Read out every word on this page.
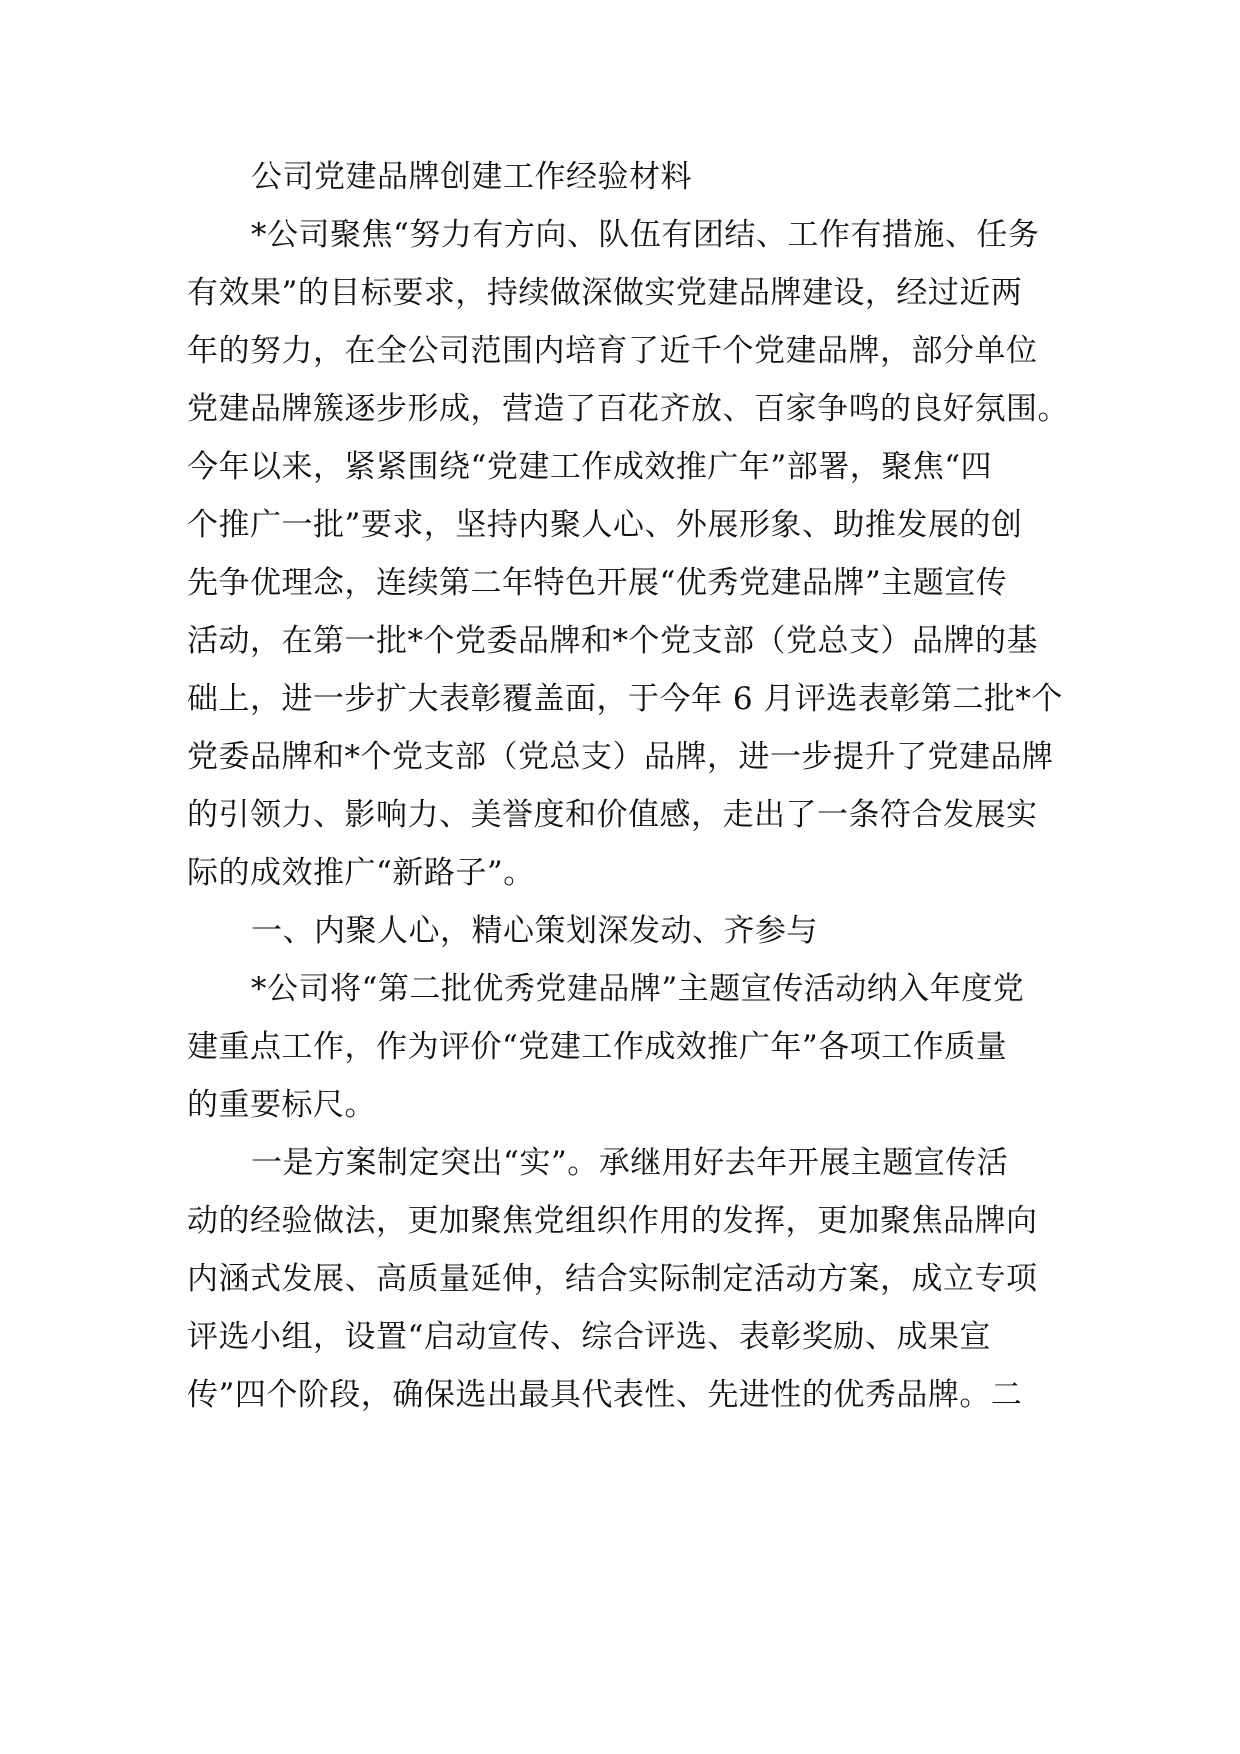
公司党建品牌创建工作经验材料
*公司聚焦“努力有方向、队伍有团结、工作有措施、任务
有效果”的目标要求，持续做深做实党建品牌建设，经过近两
年的努力，在全公司范围内培育了近千个党建品牌，部分单位
党建品牌簇逐步形成，营造了百花齐放、百家争鸣的良好氛围。
今年以来，紧紧围绕“党建工作成效推广年”部署，聚焦“四
个推广一批”要求，坚持内聚人心、外展形象、助推发展的创
先争优理念，连续第二年特色开展“优秀党建品牌”主题宣传
活动，在第一批*个党委品牌和*个党支部（党总支）品牌的基
础上，进一步扩大表彰覆盖面，于今年 6 月评选表彰第二批*个
党委品牌和*个党支部（党总支）品牌，进一步提升了党建品牌
的引领力、影响力、美誉度和价值感，走出了一条符合发展实
际的成效推广“新路子”。
一、内聚人心，精心策划深发动、齐参与
*公司将“第二批优秀党建品牌”主题宣传活动纳入年度党
建重点工作，作为评价“党建工作成效推广年”各项工作质量
的重要标尺。
一是方案制定突出“实”。承继用好去年开展主题宣传活
动的经验做法，更加聚焦党组织作用的发挥，更加聚焦品牌向
内涵式发展、高质量延伸，结合实际制定活动方案，成立专项
评选小组，设置“启动宣传、综合评选、表彰奖励、成果宣
传”四个阶段，确保选出最具代表性、先进性的优秀品牌。二
